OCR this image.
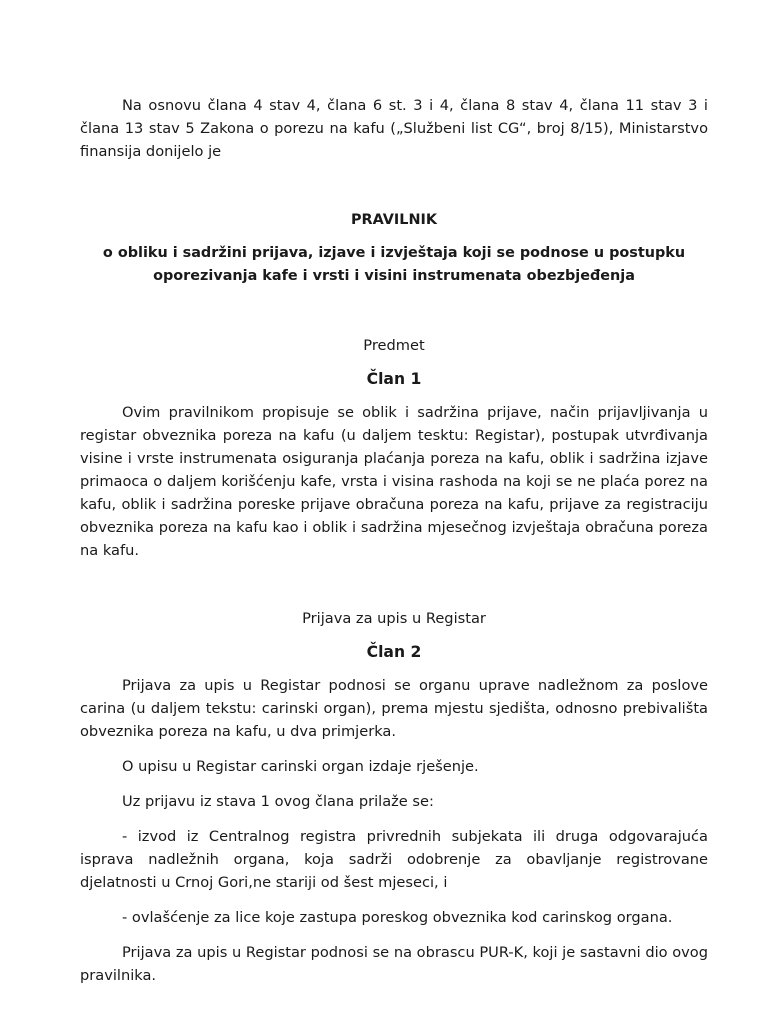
Na osnovu člana 4 stav 4, člana 6 st. 3 i 4, člana 8 stav 4, člana 11 stav 3 i člana 13 stav 5 Zakona o porezu na kafu („Službeni list CG“, broj 8/15), Ministarstvo finansija donijelo je

PRAVILNIK

o obliku i sadržini prijava, izjave i izvještaja koji se podnose u postupku oporezivanja kafe i vrsti i visini instrumenata obezbjeđenja

Predmet

Član 1

Ovim pravilnikom propisuje se oblik i sadržina prijave, način prijavljivanja u registar obveznika poreza na kafu (u daljem tesktu: Registar), postupak utvrđivanja visine i vrste instrumenata osiguranja plaćanja poreza na kafu, oblik i sadržina izjave primaoca o daljem korišćenju kafe, vrsta i visina rashoda na koji se ne plaća porez na kafu, oblik i sadržina poreske prijave obračuna poreza na kafu, prijave za registraciju obveznika poreza na kafu kao i oblik i sadržina mjesečnog izvještaja obračuna poreza na kafu.

Prijava za upis u Registar

Član 2

Prijava za upis u Registar podnosi se organu uprave nadležnom za poslove carina (u daljem tekstu: carinski organ), prema mjestu sjedišta, odnosno prebivališta obveznika poreza na kafu, u dva primjerka.

O upisu u Registar carinski organ izdaje rješenje.

Uz prijavu iz stava 1 ovog člana prilaže se:

- izvod iz Centralnog registra privrednih subjekata ili druga odgovarajuća isprava nadležnih organa, koja sadrži odobrenje za obavljanje registrovane djelatnosti u Crnoj Gori,ne stariji od šest mjeseci, i

- ovlašćenje za lice koje zastupa poreskog obveznika kod carinskog organa.

Prijava za upis u Registar podnosi se na obrascu PUR-K, koji je sastavni dio ovog pravilnika.
